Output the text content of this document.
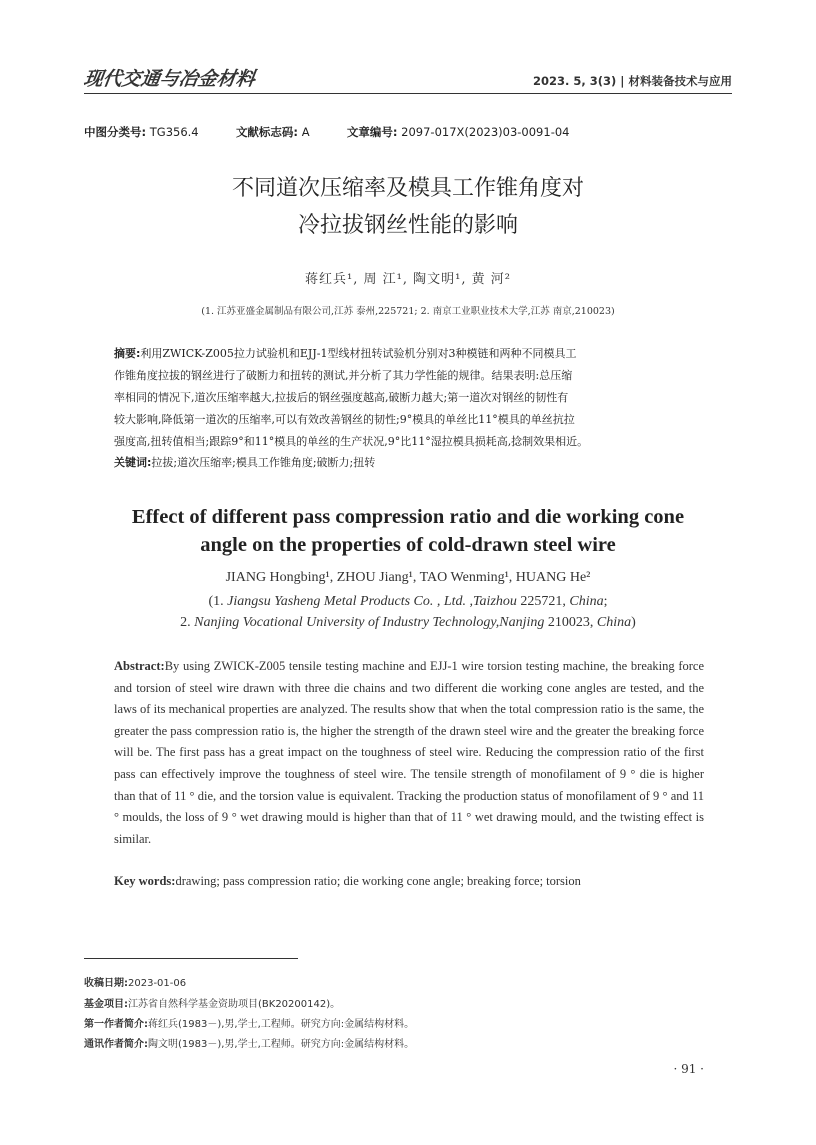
现代交通与冶金材料	2023. 5, 3(3) | 材料装备技术与应用
中图分类号: TG356.4	文献标志码: A	文章编号: 2097-017X(2023)03-0091-04
不同道次压缩率及模具工作锥角度对
冷拉拔钢丝性能的影响
蒋红兵¹, 周 江¹, 陶文明¹, 黄 河²
(1. 江苏亚盛金属制品有限公司,江苏 泰州,225721; 2. 南京工业职业技术大学,江苏 南京,210023)
摘要:利用ZWICK-Z005拉力试验机和EJJ-1型线材扭转试验机分别对3种模链和两种不同模具工
作锥角度拉拔的钢丝进行了破断力和扭转的测试,并分析了其力学性能的规律。结果表明:总压缩
率相同的情况下,道次压缩率越大,拉拔后的钢丝强度越高,破断力越大;第一道次对钢丝的韧性有
较大影响,降低第一道次的压缩率,可以有效改善钢丝的韧性;9°模具的单丝比11°模具的单丝抗拉
强度高,扭转值相当;跟踪9°和11°模具的单丝的生产状况,9°比11°湿拉模具损耗高,捻制效果相近。
关键词:拉拔;道次压缩率;模具工作锥角度;破断力;扭转
Effect of different pass compression ratio and die working cone
angle on the properties of cold-drawn steel wire
JIANG Hongbing¹, ZHOU Jiang¹, TAO Wenming¹, HUANG He²
(1. Jiangsu Yasheng Metal Products Co. , Ltd. ,Taizhou 225721, China;
2. Nanjing Vocational University of Industry Technology,Nanjing 210023, China)
Abstract:By using ZWICK-Z005 tensile testing machine and EJJ-1 wire torsion testing machine, the breaking force and torsion of steel wire drawn with three die chains and two different die working cone angles are tested, and the laws of its mechanical properties are analyzed. The results show that when the total compression ratio is the same, the greater the pass compression ratio is, the higher the strength of the drawn steel wire and the greater the breaking force will be. The first pass has a great impact on the toughness of steel wire. Reducing the compression ratio of the first pass can effectively improve the toughness of steel wire. The tensile strength of monofilament of 9 ° die is higher than that of 11 ° die, and the torsion value is equivalent. Tracking the production status of monofilament of 9 ° and 11 ° moulds, the loss of 9 ° wet drawing mould is higher than that of 11 ° wet drawing mould, and the twisting effect is similar.
Key words:drawing; pass compression ratio; die working cone angle; breaking force; torsion
收稿日期:2023-01-06
基金项目:江苏省自然科学基金资助项目(BK20200142)。
第一作者简介:蒋红兵(1983－),男,学士,工程师。研究方向:金属结构材料。
通讯作者简介:陶文明(1983－),男,学士,工程师。研究方向:金属结构材料。
· 91 ·
